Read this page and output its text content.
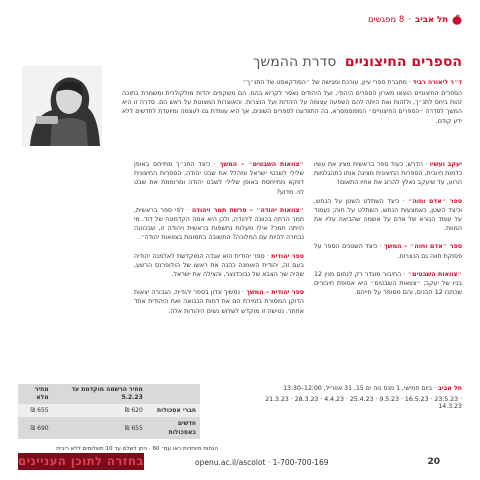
תל אביב
·
8 מפגשים
הספרים החיצוניים סדרת ההמשך
ד״ר ליאורה רביד · מחברת ספרי עיון, עורכת ומגישה של ״הפודקאסט של התנ״ך״
הספרים החיצוניים הוצאו מארון הספרים היהודי, ועל היהודים נאסר לקרוא בהם. הם משקפים יהדות מולקולרית ומשמרת בתוכה זהות ביחס לתנ״ך, ולזהות ואת היתה להם השפעה עצומה על היהדות ועל הנצרות. והאוצרות המצוטת על ראש הם. סדרה זו היא המשך לסדרה ״הספרים החיצוניים״ המפוסמסרא, בה התוודענו לספרים השונים, אך היא עומדת גם לעצמה ומיועדת לחדשים ללא ידע קודם.

יעקב ועשיו · הדרש, כעוד ספר בראשית מציג את עשיו כדמות חיובית, הספרות החיצונית מציגה אותו כתהגלמות הרוע, עד שיעקב נאלץ להרוג את אחיו התאום!

ספר ״אדם וחוה״ · כיצד השתלט השטן על הנחש, וכיצד השטן, כאמצעות הנחש, השתלט על חוה; נעמוד על עומד הנורא של אדם על אשמה שהביאה עליו את המוות.

ספר ״אדם וחוה״ – המשך · כיצד השטנים הספר על פסוקת חווה גם הנצרות.

״צוואות השבטים״ · החיבור מוגדר רק לנחום מנין 12 בניו של יעקב; ״צוואות השבטים״ היא אסופת חיבורים שכתבו 12 הבנים, והם מסופר על חייהם.

״צוואות השבטים״ – המשך · כיצד התנ״ך מתייחס באופן שלילי לשבטי ישראל ומהלל את שבט יהודה, הספרות החיצונית דווקא מתייחסת באופן שלילי לשבט יהודה ומרוממת את שבט לוי. מדוע?

״צוואות יהודה״ – פרשת תמר ויהודה · לפי ספר בראשית, תמר הרתה בכוונה ליהודה, ולכן היא אמה הקדמונה של דוד. מי הייתה תמר? אילו מעלות נחשפות בראשית ויהודה זו, שבכוונה נבחרה להיות עם המלוכה? התשובה בתמונות בצוואות יהודה״.

ספר יהודית · ספר יהודית הוא אגדה המוקדשת לאלמנה יהודיה בעם זה, יהודית האומנה כהנה את ראשו של הולופרנס הרשע, שהיה שר הצבא של נבוכדנצר, והצילה את ישראל.

ספר יהודית – המשך · נמשיך ונדון בספר יהודית, הגבורה יצאות הדוקן המסורת בזמירת הם את דמות הנבואה ואת היהודית אחד אחתר. נטישה זו מוקדש לשלוש נשים היהודות אלה.

תל אביב · ביום חמישי, 1 מנס נוה ים 15, 31 אפריל, 12:00–13:30
21.3.23 · 28.3.23 · 4.4.23 · 25.4.23 · 9.5.23 · 16.5.23 · 23.5.23 · 14.3.23
	מחיר הרשמה מוקדמת עד 5.2.23	מחיר מלא
חברי אסכולות	620 ₪	655 ₪
חדשים באסכולות	655 ₪	690 ₪
הנחות מיוחדות ראו עמ׳ 60 · ניתן לשלם עד 10 תשלומים ללא ריבית
20
openu.ac.il/ascolot · 1-700-700-169
בחזרה לתוכן העניינים
